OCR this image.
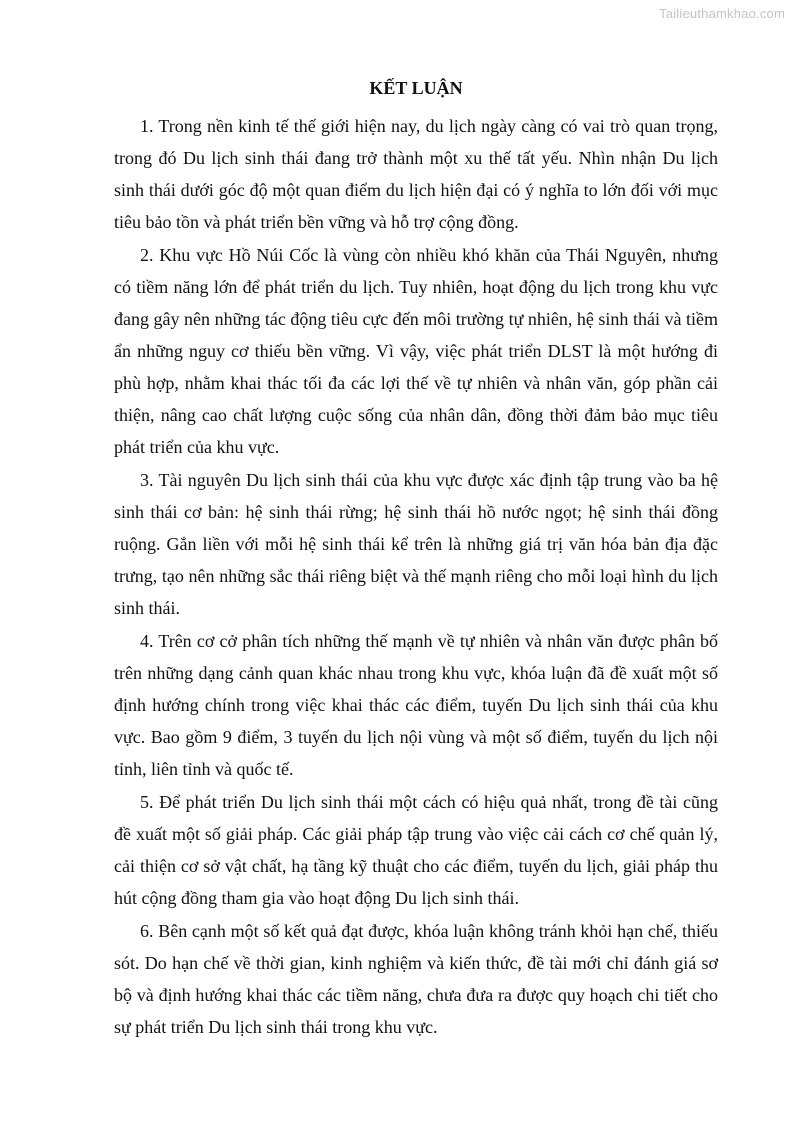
Tailieuthamkhao.com
KẾT LUẬN

1. Trong nền kinh tế thế giới hiện nay, du lịch ngày càng có vai trò quan trọng, trong đó Du lịch sinh thái đang trở thành một xu thế tất yếu. Nhìn nhận Du lịch sinh thái dưới góc độ một quan điểm du lịch hiện đại có ý nghĩa to lớn đối với mục tiêu bảo tồn và phát triển bền vững và hỗ trợ cộng đồng.

2. Khu vực Hồ Núi Cốc là vùng còn nhiều khó khăn của Thái Nguyên, nhưng có tiềm năng lớn để phát triển du lịch. Tuy nhiên, hoạt động du lịch trong khu vực đang gây nên những tác động tiêu cực đến môi trường tự nhiên, hệ sinh thái và tiềm ẩn những nguy cơ thiếu bền vững. Vì vậy, việc phát triển DLST là một hướng đi phù hợp, nhằm khai thác tối đa các lợi thế về tự nhiên và nhân văn, góp phần cải thiện, nâng cao chất lượng cuộc sống của nhân dân, đồng thời đảm bảo mục tiêu phát triển của khu vực.

3. Tài nguyên Du lịch sinh thái của khu vực được xác định tập trung vào ba hệ sinh thái cơ bản: hệ sinh thái rừng; hệ sinh thái hồ nước ngọt; hệ sinh thái đồng ruộng. Gắn liền với mỗi hệ sinh thái kể trên là những giá trị văn hóa bản địa đặc trưng, tạo nên những sắc thái riêng biệt và thế mạnh riêng cho mỗi loại hình du lịch sinh thái.

4. Trên cơ cở phân tích những thế mạnh về tự nhiên và nhân văn được phân bố trên những dạng cảnh quan khác nhau trong khu vực, khóa luận đã đề xuất một số định hướng chính trong việc khai thác các điểm, tuyến Du lịch sinh thái của khu vực. Bao gồm 9 điểm, 3 tuyến du lịch nội vùng và một số điểm, tuyến du lịch nội tỉnh, liên tỉnh và quốc tế.

5. Để phát triển Du lịch sinh thái một cách có hiệu quả nhất, trong đề tài cũng đề xuất một số giải pháp. Các giải pháp tập trung vào việc cải cách cơ chế quản lý, cải thiện cơ sở vật chất, hạ tầng kỹ thuật cho các điểm, tuyến du lịch, giải pháp thu hút cộng đồng tham gia vào hoạt động Du lịch sinh thái.

6. Bên cạnh một số kết quả đạt được, khóa luận không tránh khỏi hạn chế, thiếu sót. Do hạn chế về thời gian, kinh nghiệm và kiến thức, đề tài mới chỉ đánh giá sơ bộ và định hướng khai thác các tiềm năng, chưa đưa ra được quy hoạch chi tiết cho sự phát triển Du lịch sinh thái trong khu vực.
